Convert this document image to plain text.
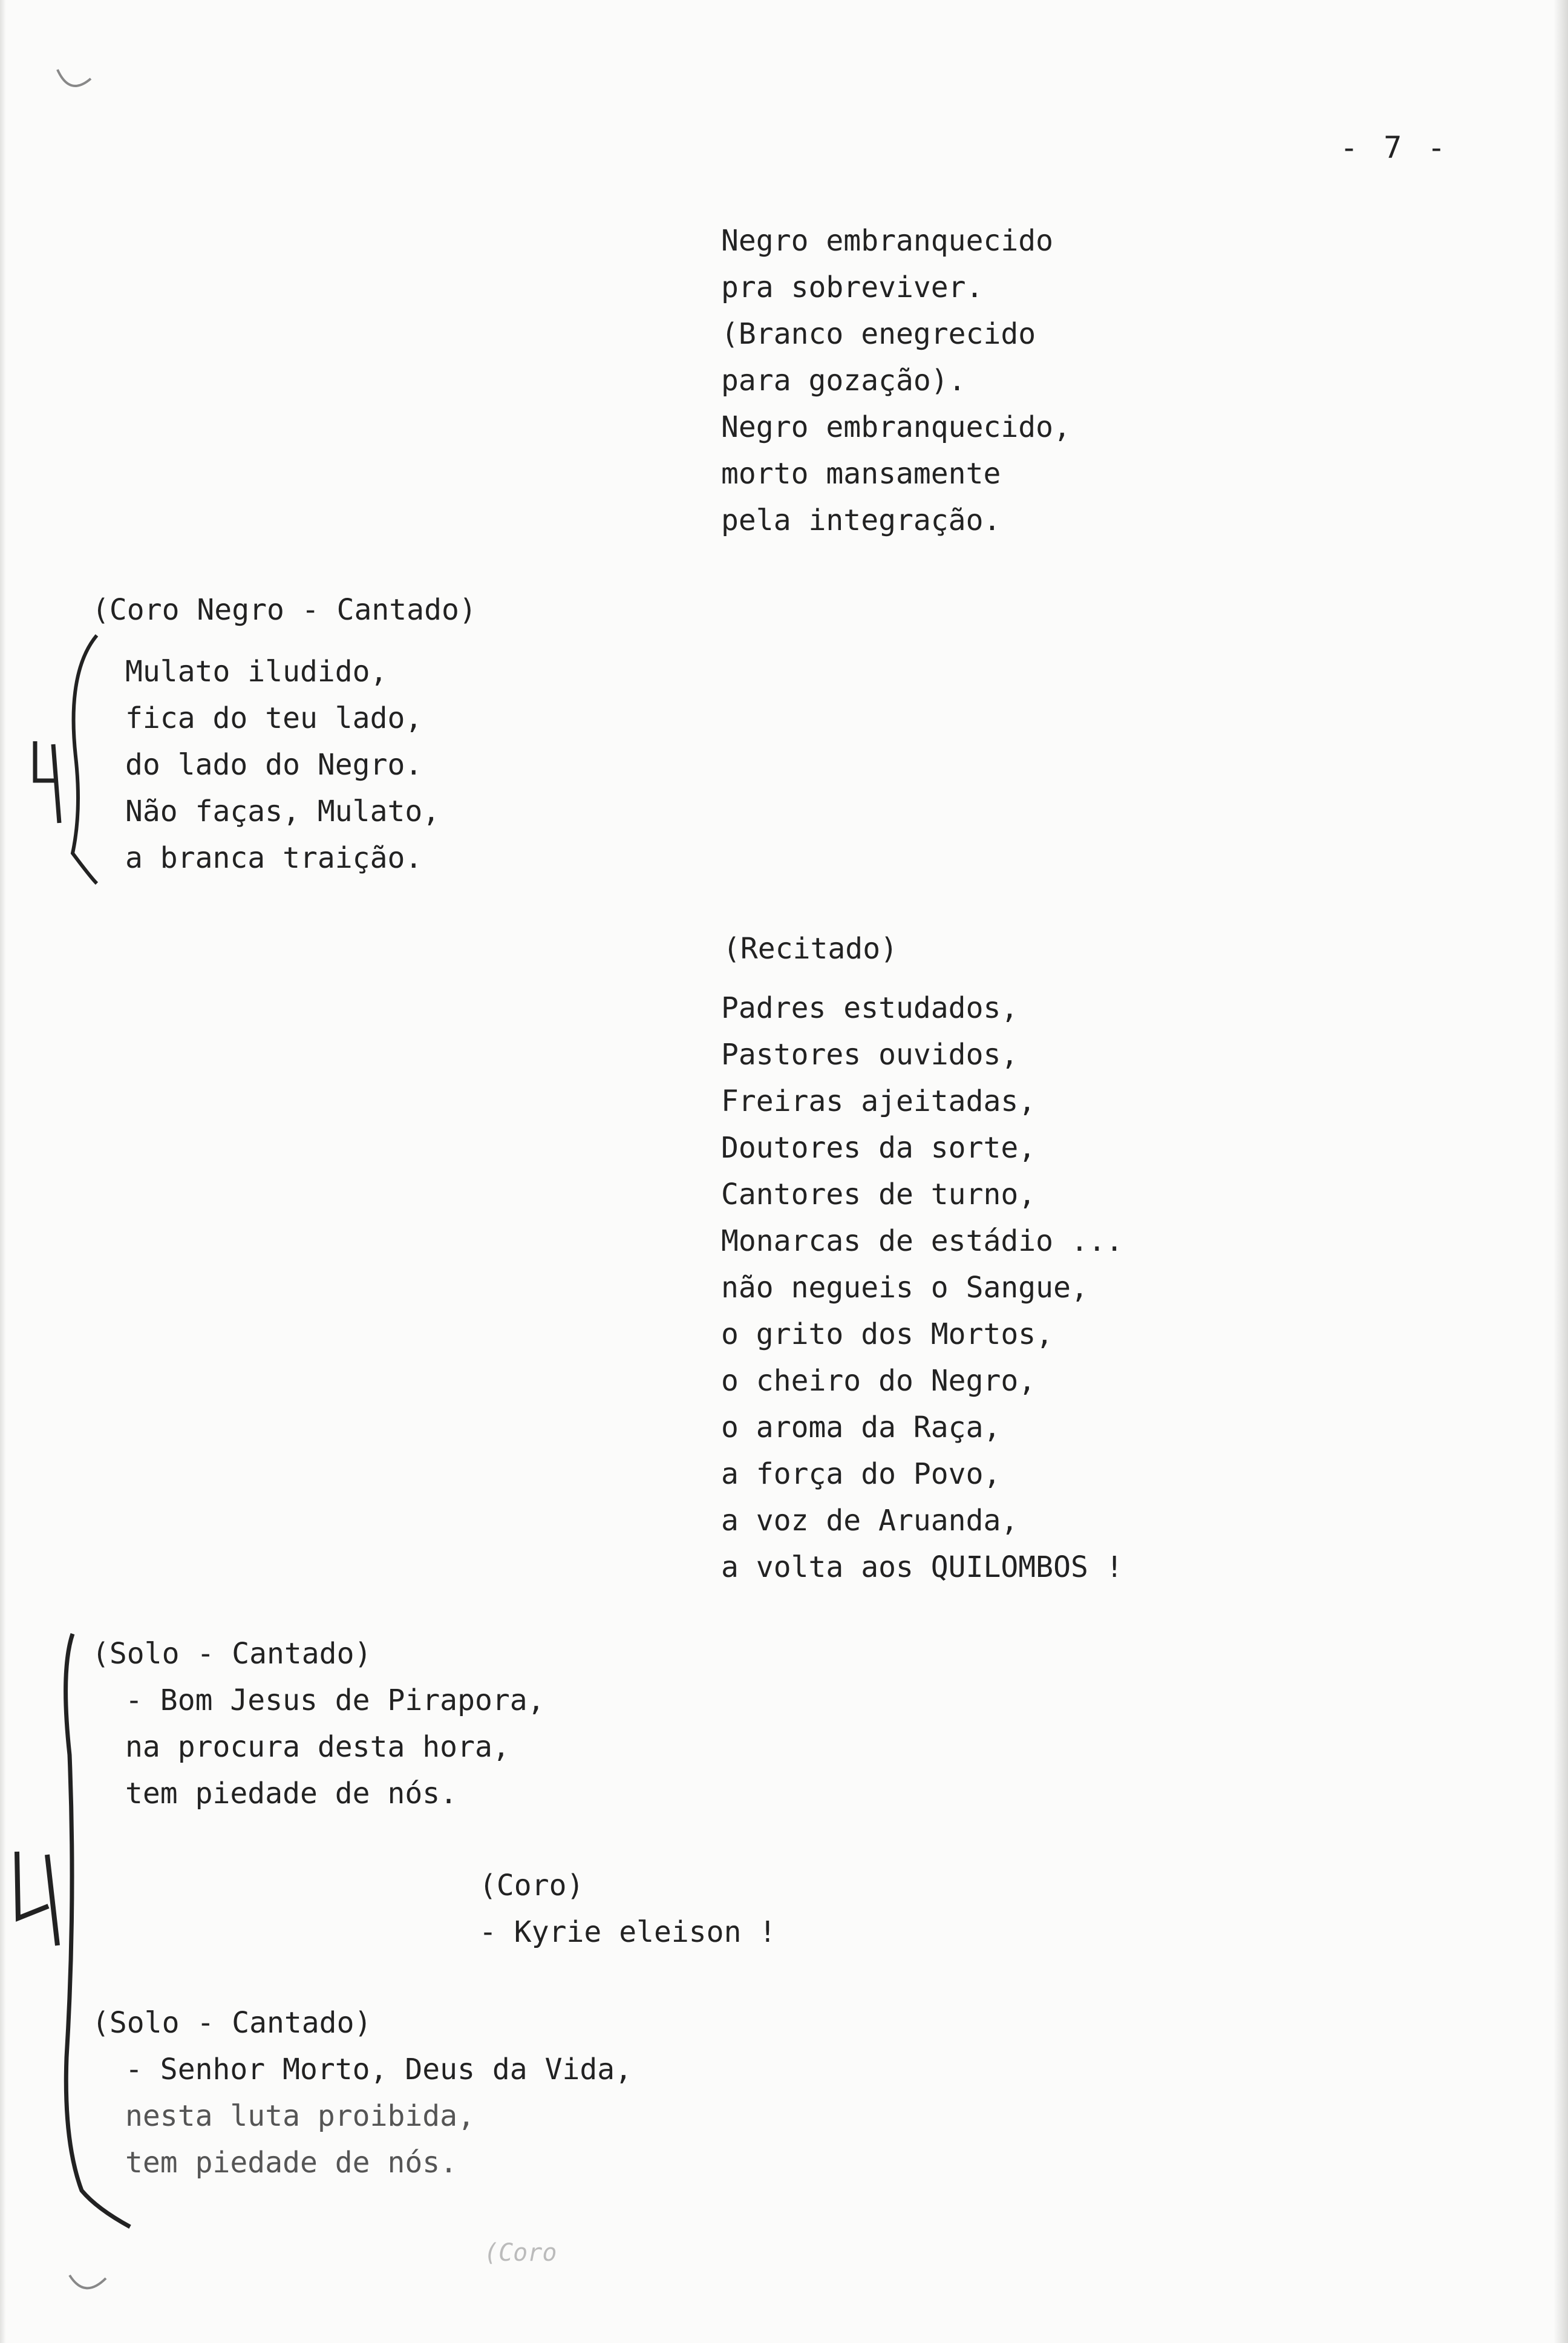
- 7 -
Negro embranquecido
pra sobreviver.
(Branco enegrecido
para gozação).
Negro embranquecido,
morto mansamente
pela integração.
(Coro Negro - Cantado)
Mulato iludido,
fica do teu lado,
do lado do Negro.
Não faças, Mulato,
a branca traição.
(Recitado)
Padres estudados,
Pastores ouvidos,
Freiras ajeitadas,
Doutores da sorte,
Cantores de turno,
Monarcas de estádio ...
não negueis o Sangue,
o grito dos Mortos,
o cheiro do Negro,
o aroma da Raça,
a força do Povo,
a voz de Aruanda,
a volta aos QUILOMBOS !
(Solo - Cantado)
- Bom Jesus de Pirapora,
na procura desta hora,
tem piedade de nós.
(Coro)
- Kyrie eleison !
(Solo - Cantado)
- Senhor Morto, Deus da Vida,
nesta luta proibida,
tem piedade de nós.
(Coro
